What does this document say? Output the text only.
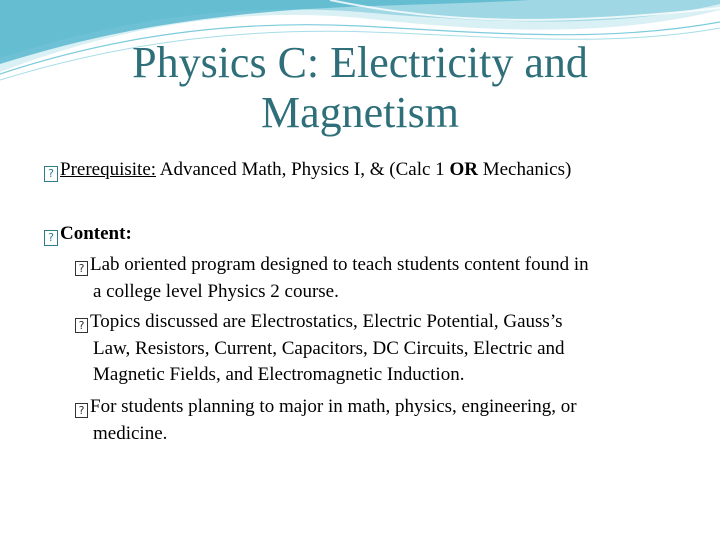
Physics C: Electricity and
Magnetism
? Prerequisite: Advanced Math, Physics I, & (Calc 1 OR Mechanics)
? Content:
? Lab oriented program designed to teach students content found in
a college level Physics 2 course.
? Topics discussed are Electrostatics, Electric Potential, Gauss’s
Law, Resistors, Current, Capacitors, DC Circuits, Electric and
Magnetic Fields, and Electromagnetic Induction.
? For students planning to major in math, physics, engineering, or
medicine.
